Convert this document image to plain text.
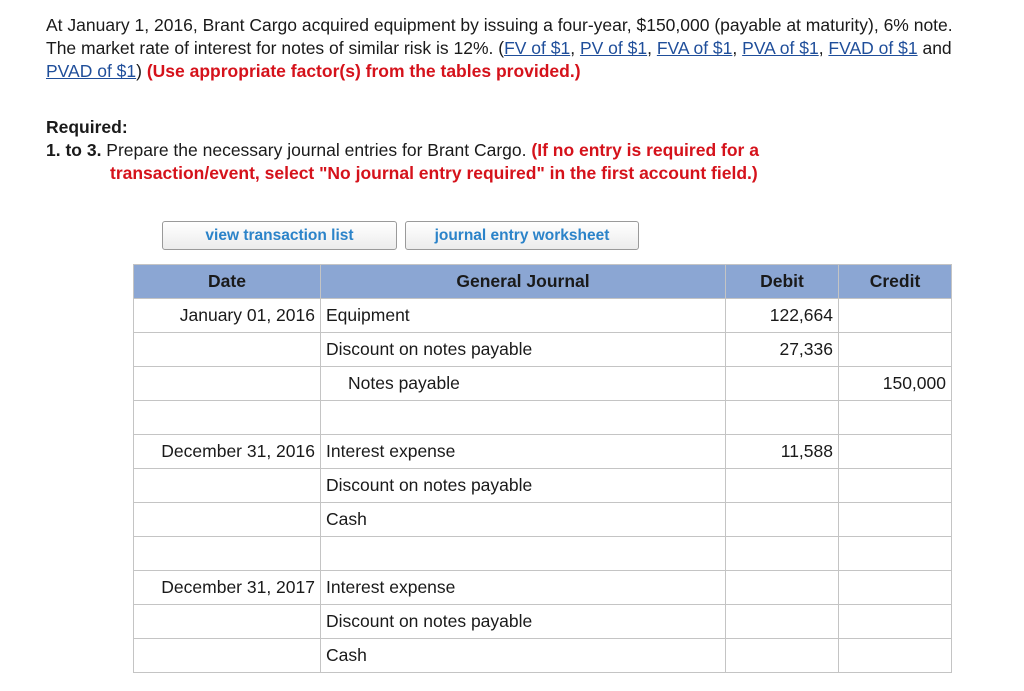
At January 1, 2016, Brant Cargo acquired equipment by issuing a four-year, $150,000 (payable at maturity), 6% note. The market rate of interest for notes of similar risk is 12%. (FV of $1, PV of $1, FVA of $1, PVA of $1, FVAD of $1 and PVAD of $1) (Use appropriate factor(s) from the tables provided.)
Required:
1. to 3. Prepare the necessary journal entries for Brant Cargo. (If no entry is required for a
transaction/event, select "No journal entry required" in the first account field.)
view transaction list	journal entry worksheet
Date	General Journal	Debit	Credit
January 01, 2016	Equipment	122,664	
	Discount on notes payable	27,336	
	Notes payable		150,000

December 31, 2016	Interest expense	11,588	
	Discount on notes payable		
	Cash		

December 31, 2017	Interest expense		
	Discount on notes payable		
	Cash		
